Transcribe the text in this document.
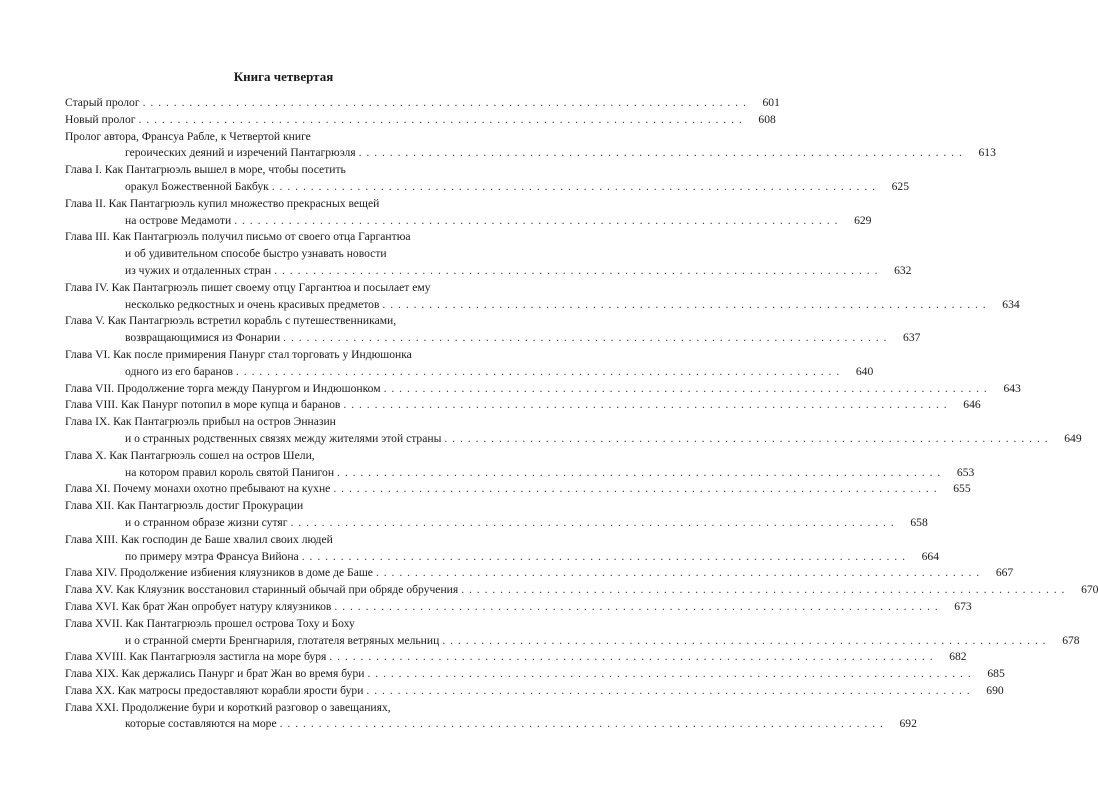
Книга четвертая
Старый пролог . . . . . . . . . . . . . . . . . . . . . . . . . . . . . . . . . . . . . . . . . . . . . . . . . . . . . . . . . . . . . . . . . . . . . . . . . . . . . .	601
Новый пролог . . . . . . . . . . . . . . . . . . . . . . . . . . . . . . . . . . . . . . . . . . . . . . . . . . . . . . . . . . . . . . . . . . . . . . . . . . . . . .	608
Пролог автора, Франсуа Рабле, к Четвертой книге
героических деяний и изречений Пантагрюэля . . . . . . . . . . . . . . . . . . . . . . . . . . . . . . . . . . . . . . . . . . . . . . . . . . . . . . . . . . . . . . . . . . . . . . . . . . . . . .	613
Глава I. Как Пантагрюэль вышел в море, чтобы посетить
оракул Божественной Бакбук . . . . . . . . . . . . . . . . . . . . . . . . . . . . . . . . . . . . . . . . . . . . . . . . . . . . . . . . . . . . . . . . . . . . . . . . . . . . . .	625
Глава II. Как Пантагрюэль купил множество прекрасных вещей
на острове Медамоти . . . . . . . . . . . . . . . . . . . . . . . . . . . . . . . . . . . . . . . . . . . . . . . . . . . . . . . . . . . . . . . . . . . . . . . . . . . . . .	629
Глава III. Как Пантагрюэль получил письмо от своего отца Гаргантюа
и об удивительном способе быстро узнавать новости
из чужих и отдаленных стран . . . . . . . . . . . . . . . . . . . . . . . . . . . . . . . . . . . . . . . . . . . . . . . . . . . . . . . . . . . . . . . . . . . . . . . . . . . . . .	632
Глава IV. Как Пантагрюэль пишет своему отцу Гаргантюа и посылает ему
несколько редкостных и очень красивых предметов . . . . . . . . . . . . . . . . . . . . . . . . . . . . . . . . . . . . . . . . . . . . . . . . . . . . . . . . . . . . . . . . . . . . . . . . . . . . . .	634
Глава V. Как Пантагрюэль встретил корабль с путешественниками,
возвращающимися из Фонарии . . . . . . . . . . . . . . . . . . . . . . . . . . . . . . . . . . . . . . . . . . . . . . . . . . . . . . . . . . . . . . . . . . . . . . . . . . . . . .	637
Глава VI. Как после примирения Панург стал торговать у Индюшонка
одного из его баранов . . . . . . . . . . . . . . . . . . . . . . . . . . . . . . . . . . . . . . . . . . . . . . . . . . . . . . . . . . . . . . . . . . . . . . . . . . . . . .	640
Глава VII. Продолжение торга между Панургом и Индюшонком . . . . . . . . . . . . . . . . . . . . . . . . . . . . . . . . . . . . . . . . . . . . . . . . . . . . . . . . . . . . . . . . . . . . . . . . . . . . . .	643
Глава VIII. Как Панург потопил в море купца и баранов . . . . . . . . . . . . . . . . . . . . . . . . . . . . . . . . . . . . . . . . . . . . . . . . . . . . . . . . . . . . . . . . . . . . . . . . . . . . . .	646
Глава IX. Как Пантагрюэль прибыл на остров Энназин
и о странных родственных связях между жителями этой страны . . . . . . . . . . . . . . . . . . . . . . . . . . . . . . . . . . . . . . . . . . . . . . . . . . . . . . . . . . . . . . . . . . . . . . . . . . . . . .	649
Глава X. Как Пантагрюэль сошел на остров Шели,
на котором правил король святой Панигон . . . . . . . . . . . . . . . . . . . . . . . . . . . . . . . . . . . . . . . . . . . . . . . . . . . . . . . . . . . . . . . . . . . . . . . . . . . . . .	653
Глава XI. Почему монахи охотно пребывают на кухне . . . . . . . . . . . . . . . . . . . . . . . . . . . . . . . . . . . . . . . . . . . . . . . . . . . . . . . . . . . . . . . . . . . . . . . . . . . . . .	655
Глава XII. Как Пантагрюэль достиг Прокурации
и о странном образе жизни сутяг . . . . . . . . . . . . . . . . . . . . . . . . . . . . . . . . . . . . . . . . . . . . . . . . . . . . . . . . . . . . . . . . . . . . . . . . . . . . . .	658
Глава XIII. Как господин де Баше хвалил своих людей
по примеру мэтра Франсуа Вийона . . . . . . . . . . . . . . . . . . . . . . . . . . . . . . . . . . . . . . . . . . . . . . . . . . . . . . . . . . . . . . . . . . . . . . . . . . . . . .	664
Глава XIV. Продолжение избиения кляузников в доме де Баше . . . . . . . . . . . . . . . . . . . . . . . . . . . . . . . . . . . . . . . . . . . . . . . . . . . . . . . . . . . . . . . . . . . . . . . . . . . . . .	667
Глава XV. Как Кляузник восстановил старинный обычай при обряде обручения . . . . . . . . . . . . . . . . . . . . . . . . . . . . . . . . . . . . . . . . . . . . . . . . . . . . . . . . . . . . . . . . . . . . . . . . . . . . . .	670
Глава XVI. Как брат Жан опробует натуру кляузников . . . . . . . . . . . . . . . . . . . . . . . . . . . . . . . . . . . . . . . . . . . . . . . . . . . . . . . . . . . . . . . . . . . . . . . . . . . . . .	673
Глава XVII. Как Пантагрюэль прошел острова Тоху и Боху
и о странной смерти Бренгнариля, глотателя ветряных мельниц . . . . . . . . . . . . . . . . . . . . . . . . . . . . . . . . . . . . . . . . . . . . . . . . . . . . . . . . . . . . . . . . . . . . . . . . . . . . . .	678
Глава XVIII. Как Пантагрюэля застигла на море буря . . . . . . . . . . . . . . . . . . . . . . . . . . . . . . . . . . . . . . . . . . . . . . . . . . . . . . . . . . . . . . . . . . . . . . . . . . . . . .	682
Глава XIX. Как держались Панург и брат Жан во время бури . . . . . . . . . . . . . . . . . . . . . . . . . . . . . . . . . . . . . . . . . . . . . . . . . . . . . . . . . . . . . . . . . . . . . . . . . . . . . .	685
Глава XX. Как матросы предоставляют корабли ярости бури . . . . . . . . . . . . . . . . . . . . . . . . . . . . . . . . . . . . . . . . . . . . . . . . . . . . . . . . . . . . . . . . . . . . . . . . . . . . . .	690
Глава XXI. Продолжение бури и короткий разговор о завещаниях,
которые составляются на море . . . . . . . . . . . . . . . . . . . . . . . . . . . . . . . . . . . . . . . . . . . . . . . . . . . . . . . . . . . . . . . . . . . . . . . . . . . . . .	692
